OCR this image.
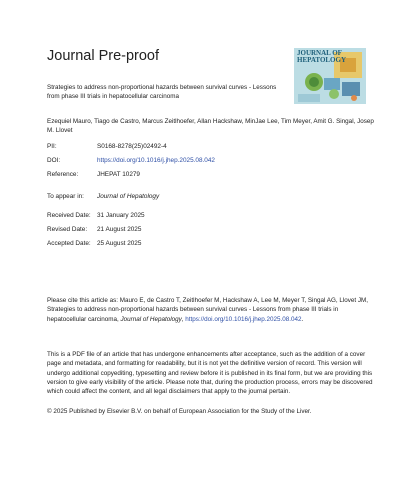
Journal Pre-proof	JOURNAL OF HEPATOLOGY
Strategies to address non-proportional hazards between survival curves - Lessons from phase III trials in hepatocellular carcinoma
Ezequiel Mauro, Tiago de Castro, Marcus Zeitlhoefer, Allan Hackshaw, MinJae Lee, Tim Meyer, Amit G. Singal, Josep M. Llovet
PII:	S0168-8278(25)02492-4
DOI:	https://doi.org/10.1016/j.jhep.2025.08.042
Reference:	JHEPAT 10279
To appear in: Journal of Hepatology
Received Date: 31 January 2025
Revised Date: 21 August 2025
Accepted Date: 25 August 2025
Please cite this article as: Mauro E, de Castro T, Zeitlhoefer M, Hackshaw A, Lee M, Meyer T, Singal AG, Llovet JM, Strategies to address non-proportional hazards between survival curves - Lessons from phase III trials in hepatocellular carcinoma, Journal of Hepatology, https://doi.org/10.1016/j.jhep.2025.08.042.
This is a PDF file of an article that has undergone enhancements after acceptance, such as the addition of a cover page and metadata, and formatting for readability, but it is not yet the definitive version of record. This version will undergo additional copyediting, typesetting and review before it is published in its final form, but we are providing this version to give early visibility of the article. Please note that, during the production process, errors may be discovered which could affect the content, and all legal disclaimers that apply to the journal pertain.
© 2025 Published by Elsevier B.V. on behalf of European Association for the Study of the Liver.
